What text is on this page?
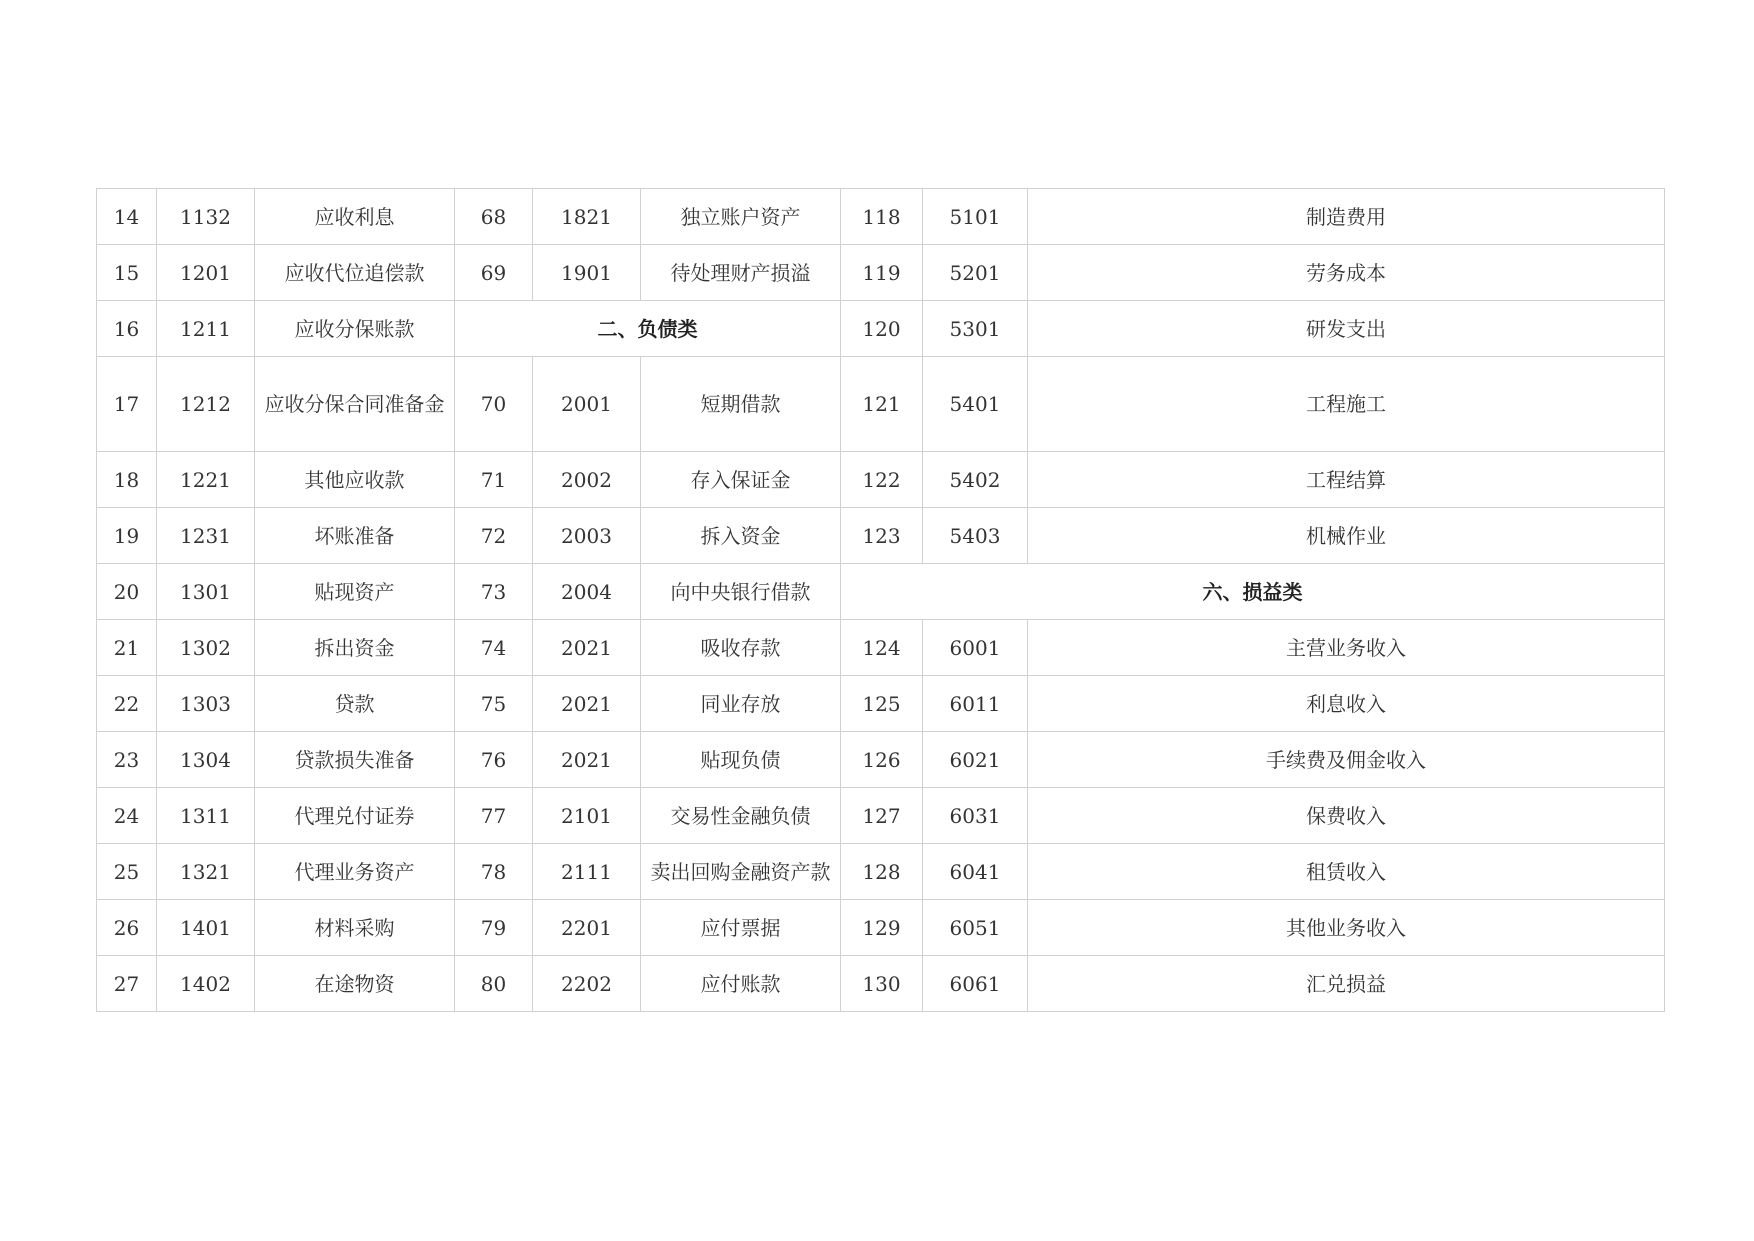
14	1132	应收利息	68	1821	独立账户资产	118	5101	制造费用
15	1201	应收代位追偿款	69	1901	待处理财产损溢	119	5201	劳务成本
16	1211	应收分保账款	二、负债类			120	5301	研发支出
17	1212	应收分保合同准备金	70	2001	短期借款	121	5401	工程施工
18	1221	其他应收款	71	2002	存入保证金	122	5402	工程结算
19	1231	坏账准备	72	2003	拆入资金	123	5403	机械作业
20	1301	贴现资产	73	2004	向中央银行借款	六、损益类		
21	1302	拆出资金	74	2021	吸收存款	124	6001	主营业务收入
22	1303	贷款	75	2021	同业存放	125	6011	利息收入
23	1304	贷款损失准备	76	2021	贴现负债	126	6021	手续费及佣金收入
24	1311	代理兑付证券	77	2101	交易性金融负债	127	6031	保费收入
25	1321	代理业务资产	78	2111	卖出回购金融资产款	128	6041	租赁收入
26	1401	材料采购	79	2201	应付票据	129	6051	其他业务收入
27	1402	在途物资	80	2202	应付账款	130	6061	汇兑损益
